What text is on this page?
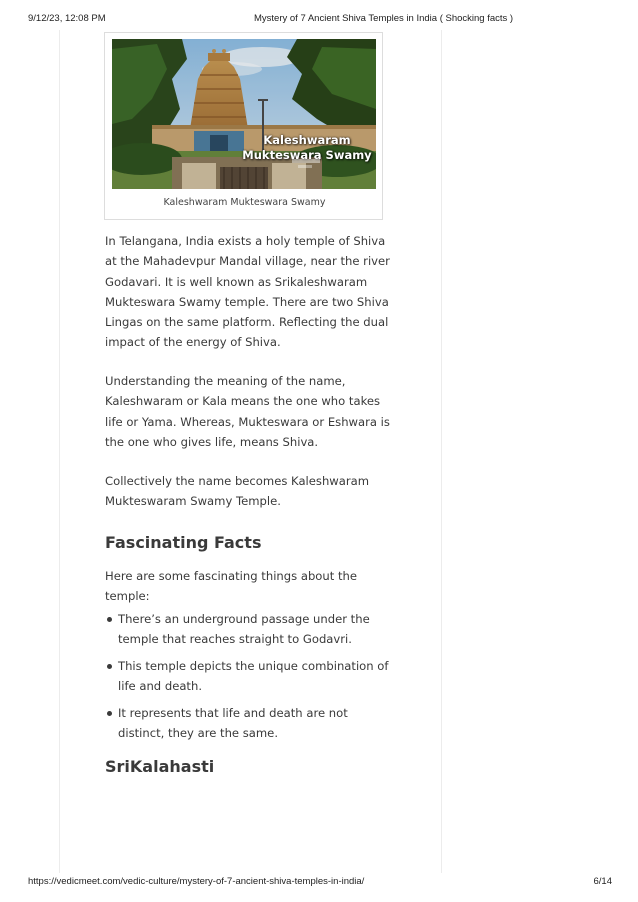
9/12/23, 12:08 PM	Mystery of 7 Ancient Shiva Temples in India ( Shocking facts )
Kaleshwaram
Mukteswara Swamy
Kaleshwaram Mukteswara Swamy

In Telangana, India exists a holy temple of Shiva at the Mahadevpur Mandal village, near the river Godavari. It is well known as Srikaleshwaram Mukteswara Swamy temple. There are two Shiva Lingas on the same platform. Reflecting the dual impact of the energy of Shiva.

Understanding the meaning of the name, Kaleshwaram or Kala means the one who takes life or Yama. Whereas, Mukteswara or Eshwara is the one who gives life, means Shiva.

Collectively the name becomes Kaleshwaram Mukteswaram Swamy Temple.

Fascinating Facts

Here are some fascinating things about the temple:

There’s an underground passage under the temple that reaches straight to Godavri.
This temple depicts the unique combination of life and death.
It represents that life and death are not distinct, they are the same.
SriKalahasti
https://vedicmeet.com/vedic-culture/mystery-of-7-ancient-shiva-temples-in-india/	6/14
